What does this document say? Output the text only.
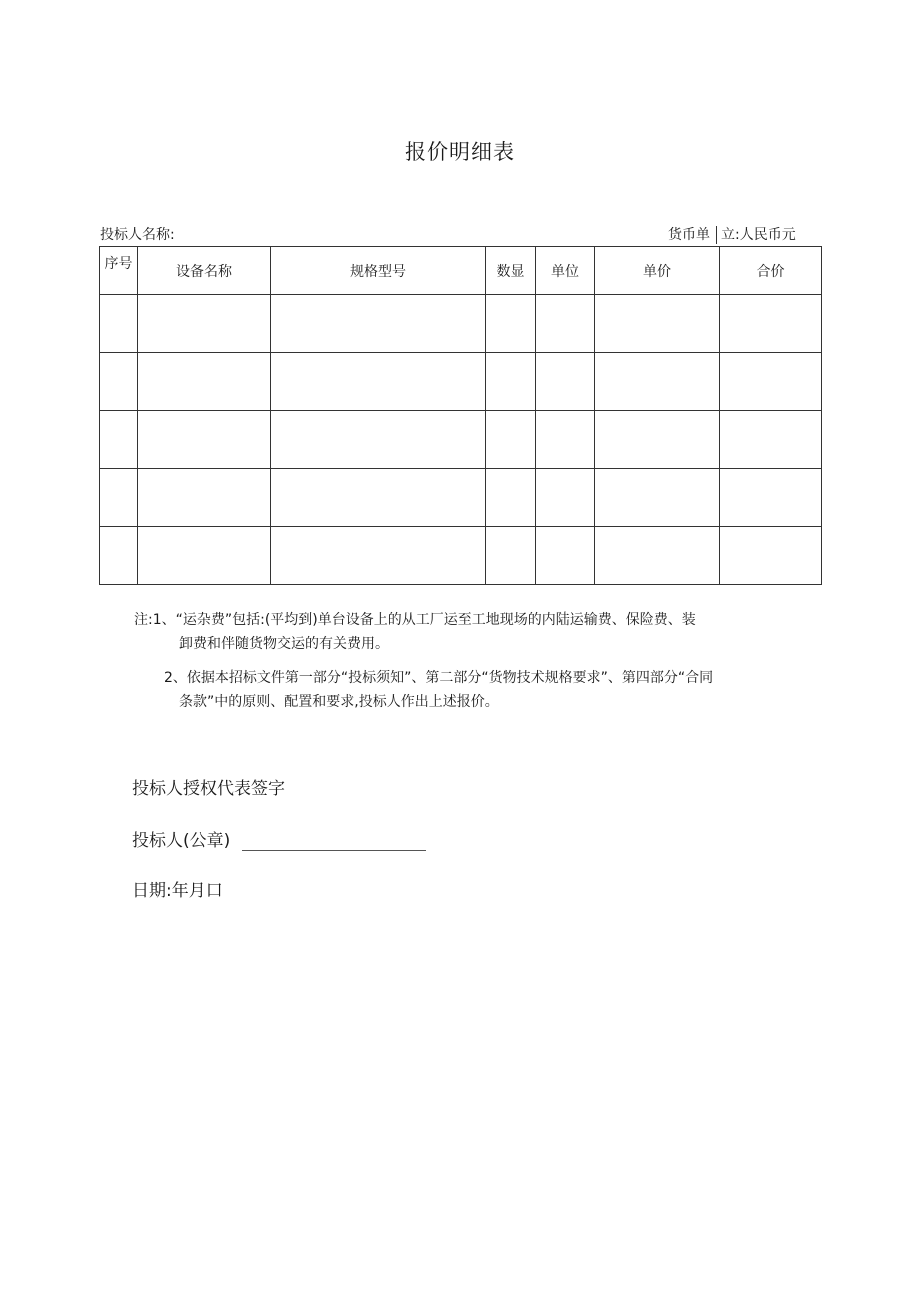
报价明细表
投标人名称:	货币单 立:人民币元
序号	设备名称	规格型号	数显	单位	单价	合价

注:1、“运杂费”包括:(平均到)单台设备上的从工厂运至工地现场的内陆运输费、保险费、装
卸费和伴随货物交运的有关费用。
2、依据本招标文件第一部分“投标须知”、第二部分“货物技术规格要求”、第四部分“合同
条款”中的原则、配置和要求,投标人作出上述报价。
投标人授权代表签字
投标人(公章)
日期:年月口
